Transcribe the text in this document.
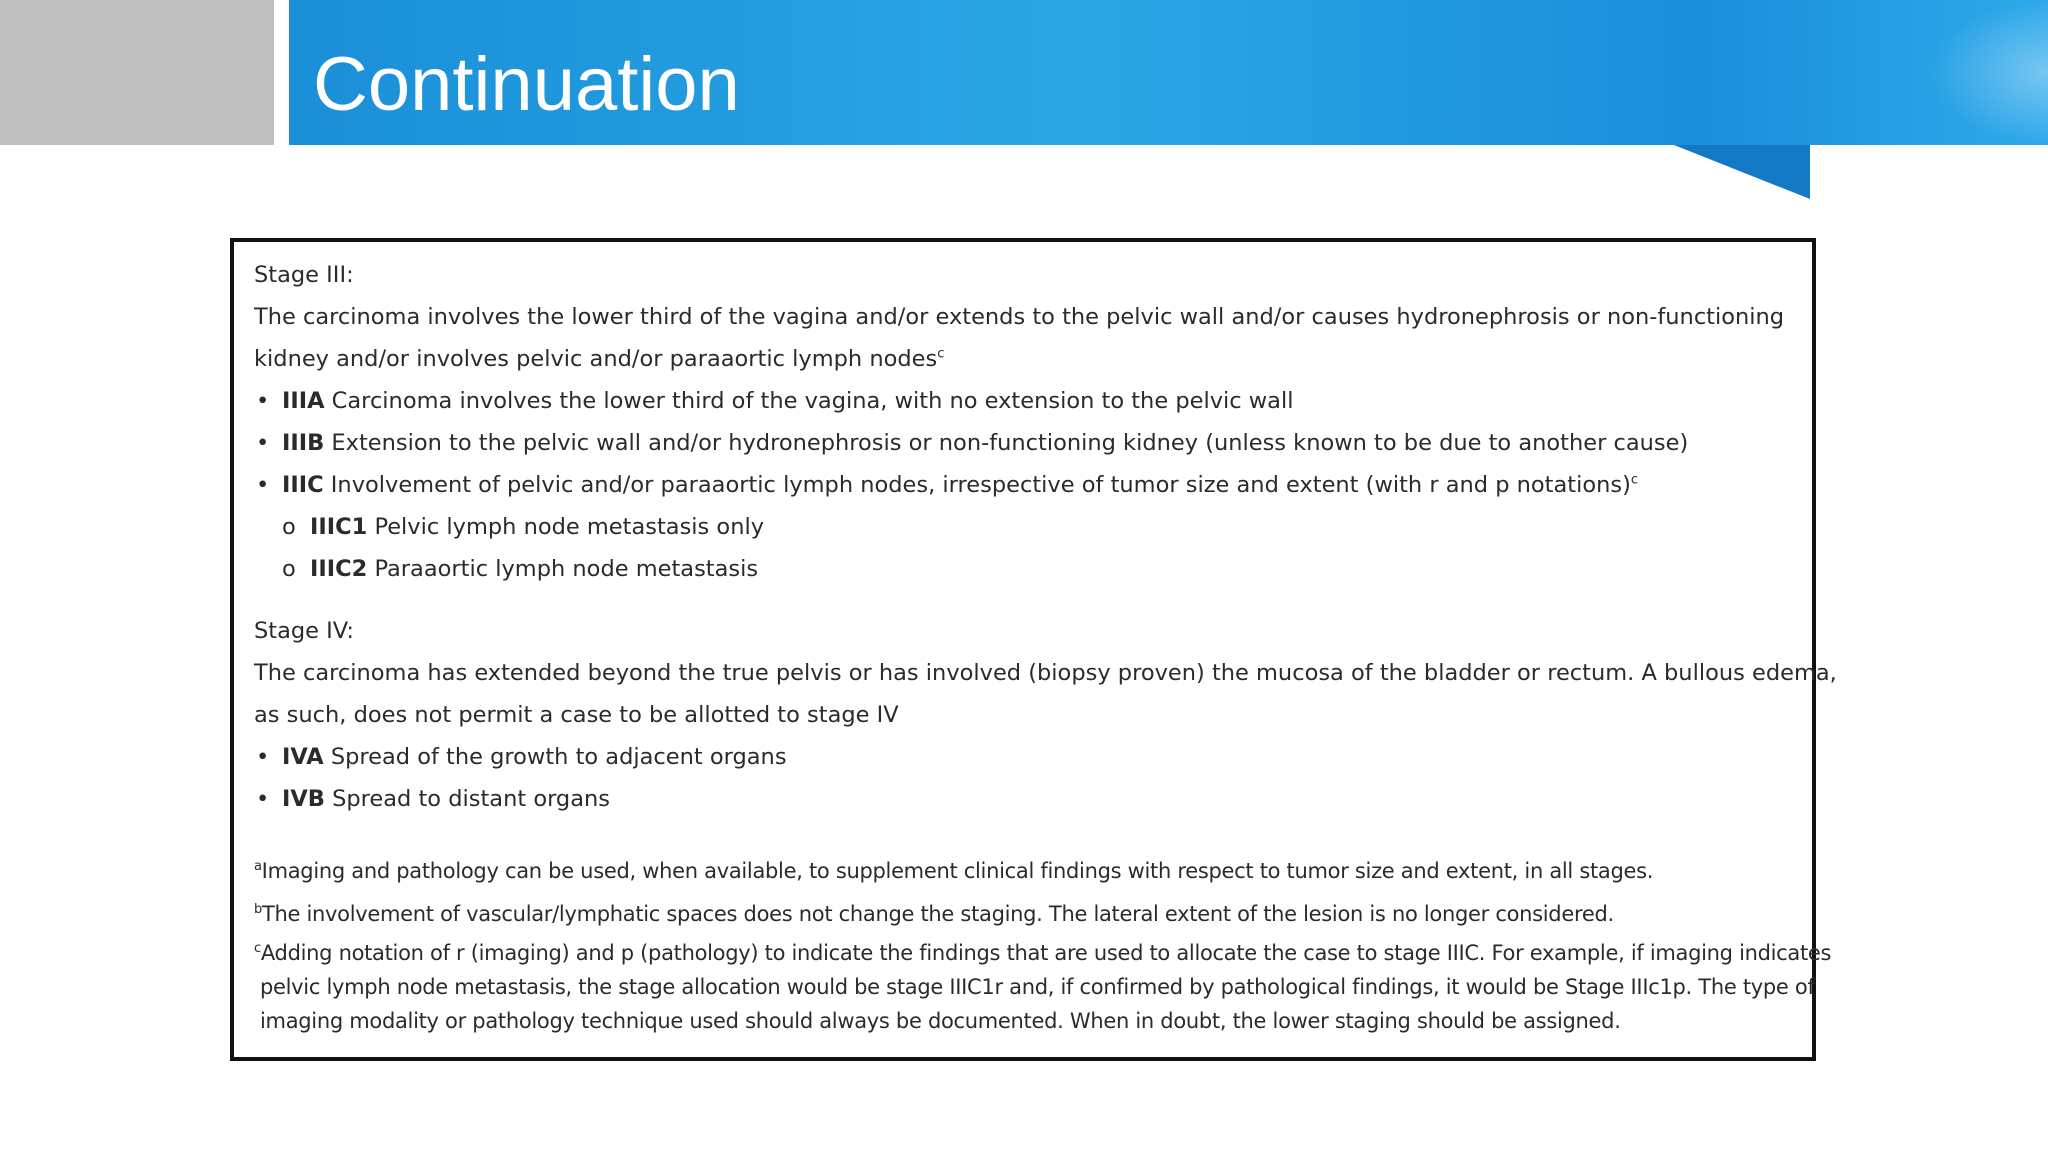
Continuation
Stage III:
The carcinoma involves the lower third of the vagina and/or extends to the pelvic wall and/or causes hydronephrosis or non-functioning
kidney and/or involves pelvic and/or paraaortic lymph nodes$^c$
• IIIA Carcinoma involves the lower third of the vagina, with no extension to the pelvic wall
• IIIB Extension to the pelvic wall and/or hydronephrosis or non-functioning kidney (unless known to be due to another cause)
• IIIC Involvement of pelvic and/or paraaortic lymph nodes, irrespective of tumor size and extent (with r and p notations)$^c$
o IIIC1 Pelvic lymph node metastasis only
o IIIC2 Paraaortic lymph node metastasis
Stage IV:
The carcinoma has extended beyond the true pelvis or has involved (biopsy proven) the mucosa of the bladder or rectum. A bullous edema,
as such, does not permit a case to be allotted to stage IV
• IVA Spread of the growth to adjacent organs
• IVB Spread to distant organs
$^a$Imaging and pathology can be used, when available, to supplement clinical findings with respect to tumor size and extent, in all stages.
$^b$The involvement of vascular/lymphatic spaces does not change the staging. The lateral extent of the lesion is no longer considered.
$^c$Adding notation of r (imaging) and p (pathology) to indicate the findings that are used to allocate the case to stage IIIC. For example, if imaging indicates
pelvic lymph node metastasis, the stage allocation would be stage IIIC1r and, if confirmed by pathological findings, it would be Stage IIIc1p. The type of
imaging modality or pathology technique used should always be documented. When in doubt, the lower staging should be assigned.
